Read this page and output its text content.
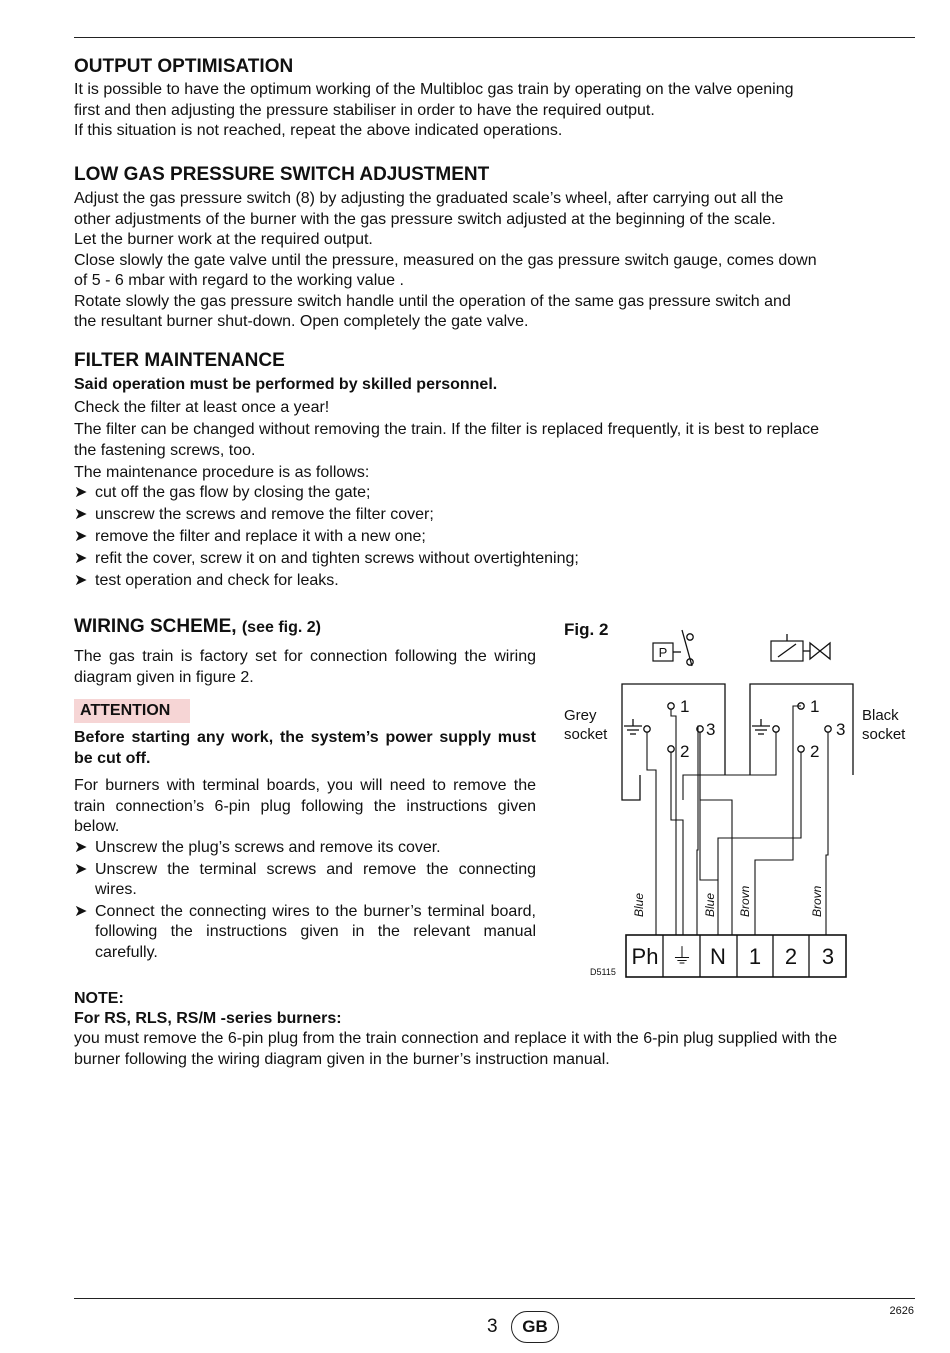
OUTPUT OPTIMISATION

It is possible to have the optimum working of the Multibloc gas train by operating on the valve opening
first and then adjusting the pressure stabiliser in order to have the required output.
If this situation is not reached, repeat the above indicated operations.

LOW GAS PRESSURE SWITCH ADJUSTMENT

Adjust the gas pressure switch (8) by adjusting the graduated scale’s wheel, after carrying out all the
other adjustments of the burner with the gas pressure switch adjusted at the beginning of the scale.
Let the burner work at the required output.
Close slowly the gate valve until the pressure, measured on the gas pressure switch gauge, comes down
of 5 - 6 mbar with regard to the working value .
Rotate slowly the gas pressure switch handle until the operation of the same gas pressure switch and
the resultant burner shut-down. Open completely the gate valve.

FILTER MAINTENANCE

Said operation must be performed by skilled personnel.

Check the filter at least once a year!
The filter can be changed without removing the train. If the filter is replaced frequently, it is best to replace
the fastening screws, too.
The maintenance procedure is as follows:

➤ cut off the gas flow by closing the gate;
➤ unscrew the screws and remove the filter cover;
➤ remove the filter and replace it with a new one;
➤ refit the cover, screw it on and tighten screws without overtightening;
➤ test operation and check for leaks.
WIRING SCHEME, (see fig. 2)

The gas train is factory set for connection following the wiring diagram given in figure 2.

ATTENTION

Before starting any work, the system’s power supply must be cut off.

For burners with terminal boards, you will need to remove the train connection’s 6-pin plug following the instructions given below.

➤ Unscrew the plug’s screws and remove its cover.
➤ Unscrew the terminal screws and remove the connecting wires.
➤ Connect the connecting wires to the burner’s terminal board, following the instructions given in the relevant manual carefully.
Fig. 2
Grey
socket
Black
socket
P
1
3
2
1
3
2
Blue	Blue Brovn	Brovn
Ph ⏚ N 1 2 3
D5115

NOTE:

For RS, RLS, RS/M -series burners:

you must remove the 6-pin plug from the train connection and replace it with the 6-pin plug supplied with the
burner following the wiring diagram given in the burner’s instruction manual.

3	GB
2626
